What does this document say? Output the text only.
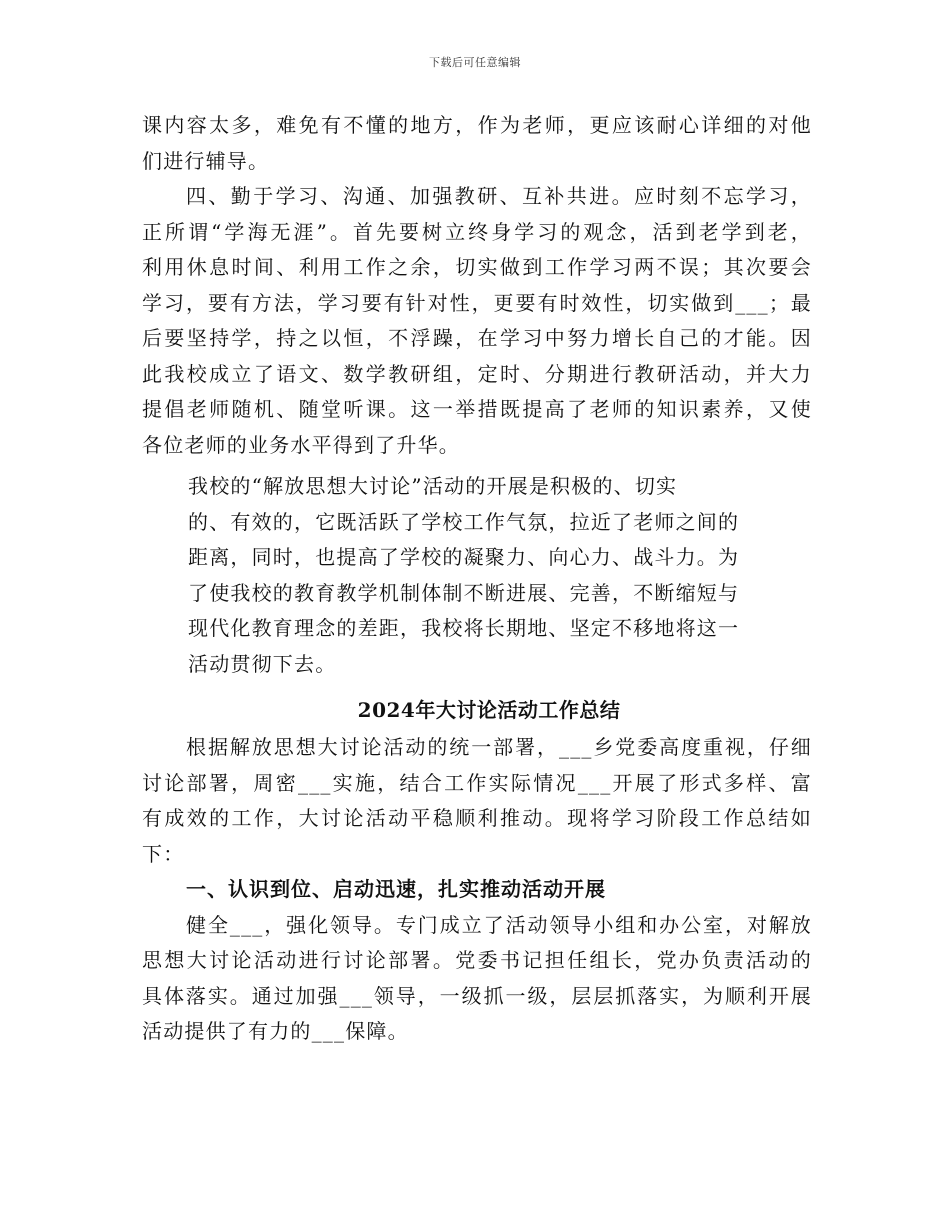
下载后可任意编辑
课内容太多，难免有不懂的地方，作为老师，更应该耐心详细的对他
们进行辅导。
四、勤于学习、沟通、加强教研、互补共进。应时刻不忘学习，
正所谓“学海无涯”。首先要树立终身学习的观念，活到老学到老，
利用休息时间、利用工作之余，切实做到工作学习两不误；其次要会
学习，要有方法，学习要有针对性，更要有时效性，切实做到___；最
后要坚持学，持之以恒，不浮躁，在学习中努力增长自己的才能。因
此我校成立了语文、数学教研组，定时、分期进行教研活动，并大力
提倡老师随机、随堂听课。这一举措既提高了老师的知识素养，又使
各位老师的业务水平得到了升华。
我校的“解放思想大讨论”活动的开展是积极的、切实
的、有效的，它既活跃了学校工作气氛，拉近了老师之间的
距离，同时，也提高了学校的凝聚力、向心力、战斗力。为
了使我校的教育教学机制体制不断进展、完善，不断缩短与
现代化教育理念的差距，我校将长期地、坚定不移地将这一
活动贯彻下去。
2024年大讨论活动工作总结
根据解放思想大讨论活动的统一部署，___乡党委高度重视，仔细
讨论部署，周密___实施，结合工作实际情况___开展了形式多样、富
有成效的工作，大讨论活动平稳顺利推动。现将学习阶段工作总结如
下：
一、认识到位、启动迅速，扎实推动活动开展
健全___，强化领导。专门成立了活动领导小组和办公室，对解放
思想大讨论活动进行讨论部署。党委书记担任组长，党办负责活动的
具体落实。通过加强___领导，一级抓一级，层层抓落实，为顺利开展
活动提供了有力的___保障。
